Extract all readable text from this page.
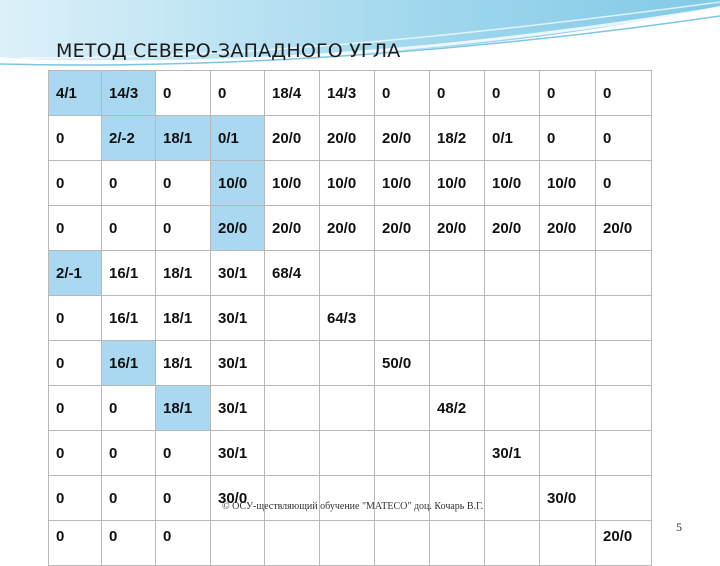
МЕТОД СЕВЕРО-ЗАПАДНОГО УГЛА
4/1	14/3	0	0	18/4	14/3	0	0	0	0	0

0	2/-2	18/1	0/1	20/0	20/0	20/0	18/2	0/1	0	0

0	0	0	10/0	10/0	10/0	10/0	10/0	10/0	10/0	0

0	0	0	20/0	20/0	20/0	20/0	20/0	20/0	20/0	20/0

2/-1	16/1	18/1	30/1	68/4						

0	16/1	18/1	30/1		64/3					

0	16/1	18/1	30/1			50/0				

0	0	18/1	30/1				48/2			

0	0	0	30/1					30/1		

0	0	0	30/0						30/0	

0	0	0								20/0
© ОСУ-ществляющий обучение "МАТЕСО" доц. Кочарь В.Г.
5
